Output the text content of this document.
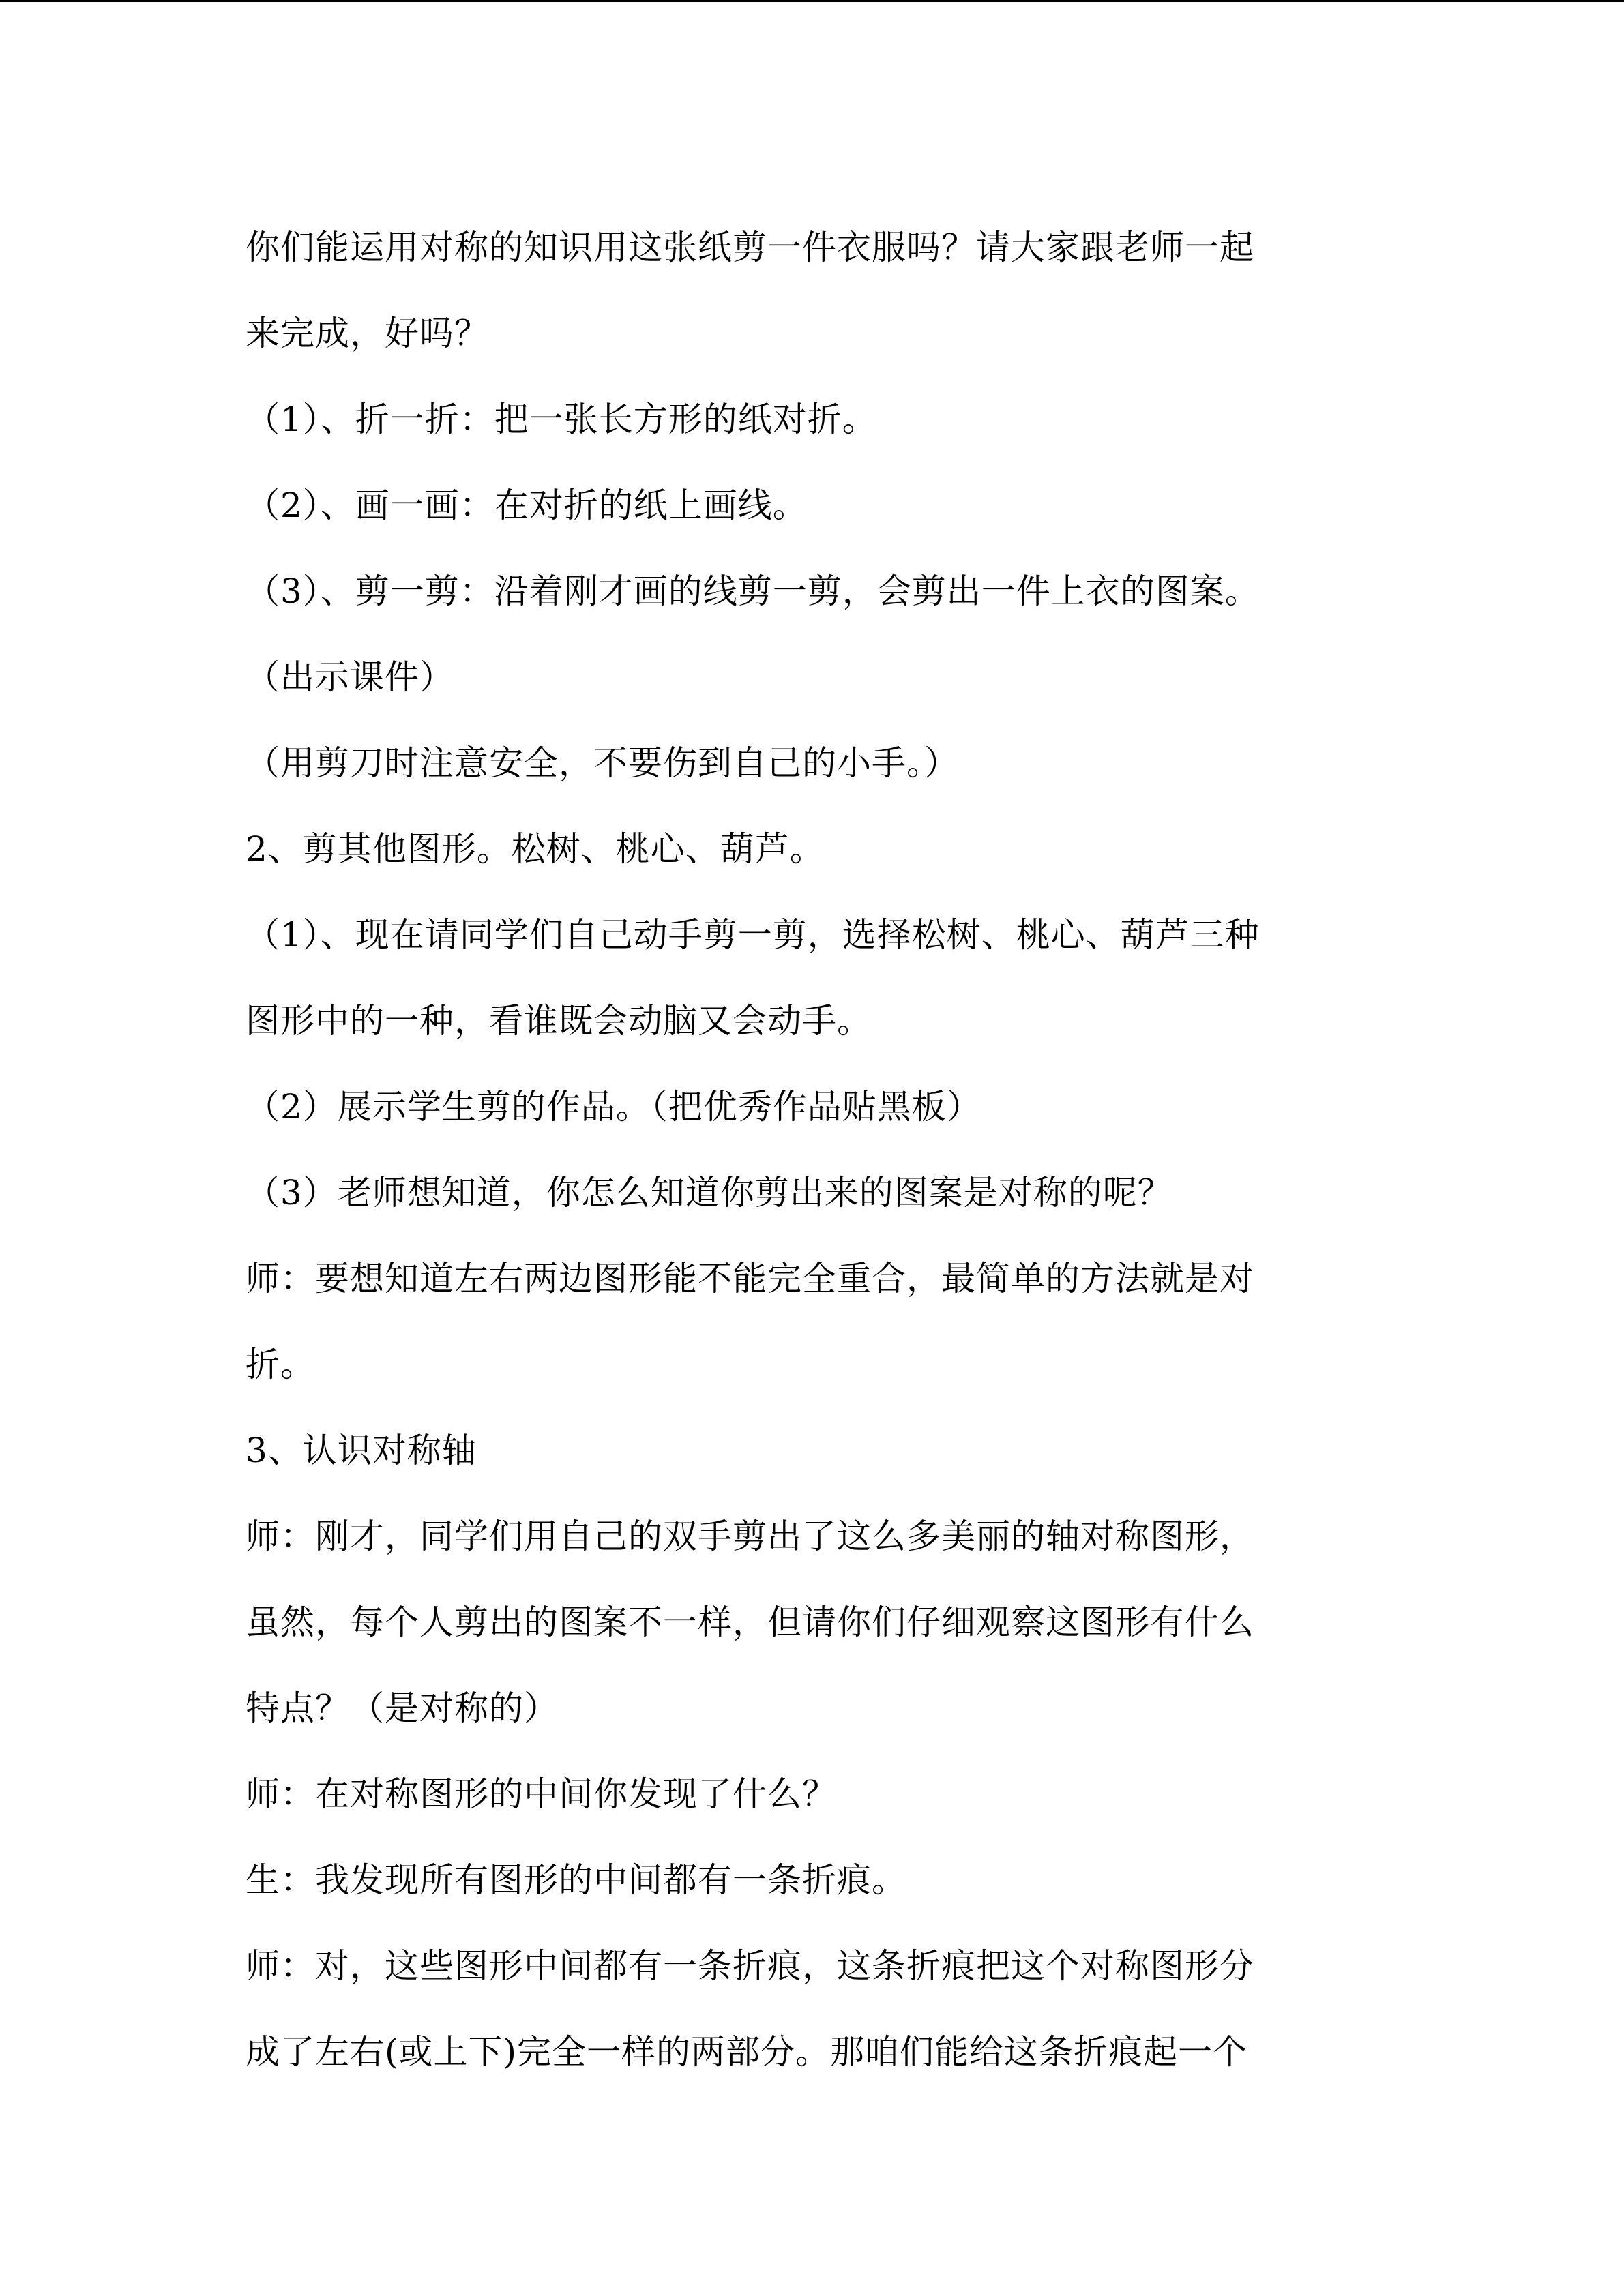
你们能运用对称的知识用这张纸剪一件衣服吗？请大家跟老师一起
来完成，好吗？
（1）、折一折：把一张长方形的纸对折。
（2）、画一画：在对折的纸上画线。
（3）、剪一剪：沿着刚才画的线剪一剪，会剪出一件上衣的图案。
（出示课件）
（用剪刀时注意安全，不要伤到自己的小手。）
2、剪其他图形。松树、桃心、葫芦。
（1）、现在请同学们自己动手剪一剪，选择松树、桃心、葫芦三种
图形中的一种，看谁既会动脑又会动手。
（2）展示学生剪的作品。（把优秀作品贴黑板）
（3）老师想知道，你怎么知道你剪出来的图案是对称的呢？
师：要想知道左右两边图形能不能完全重合，最简单的方法就是对
折。
3、认识对称轴
师：刚才，同学们用自己的双手剪出了这么多美丽的轴对称图形，
虽然，每个人剪出的图案不一样，但请你们仔细观察这图形有什么
特点？（是对称的）
师：在对称图形的中间你发现了什么？
生：我发现所有图形的中间都有一条折痕。
师：对，这些图形中间都有一条折痕，这条折痕把这个对称图形分
成了左右(或上下)完全一样的两部分。那咱们能给这条折痕起一个
